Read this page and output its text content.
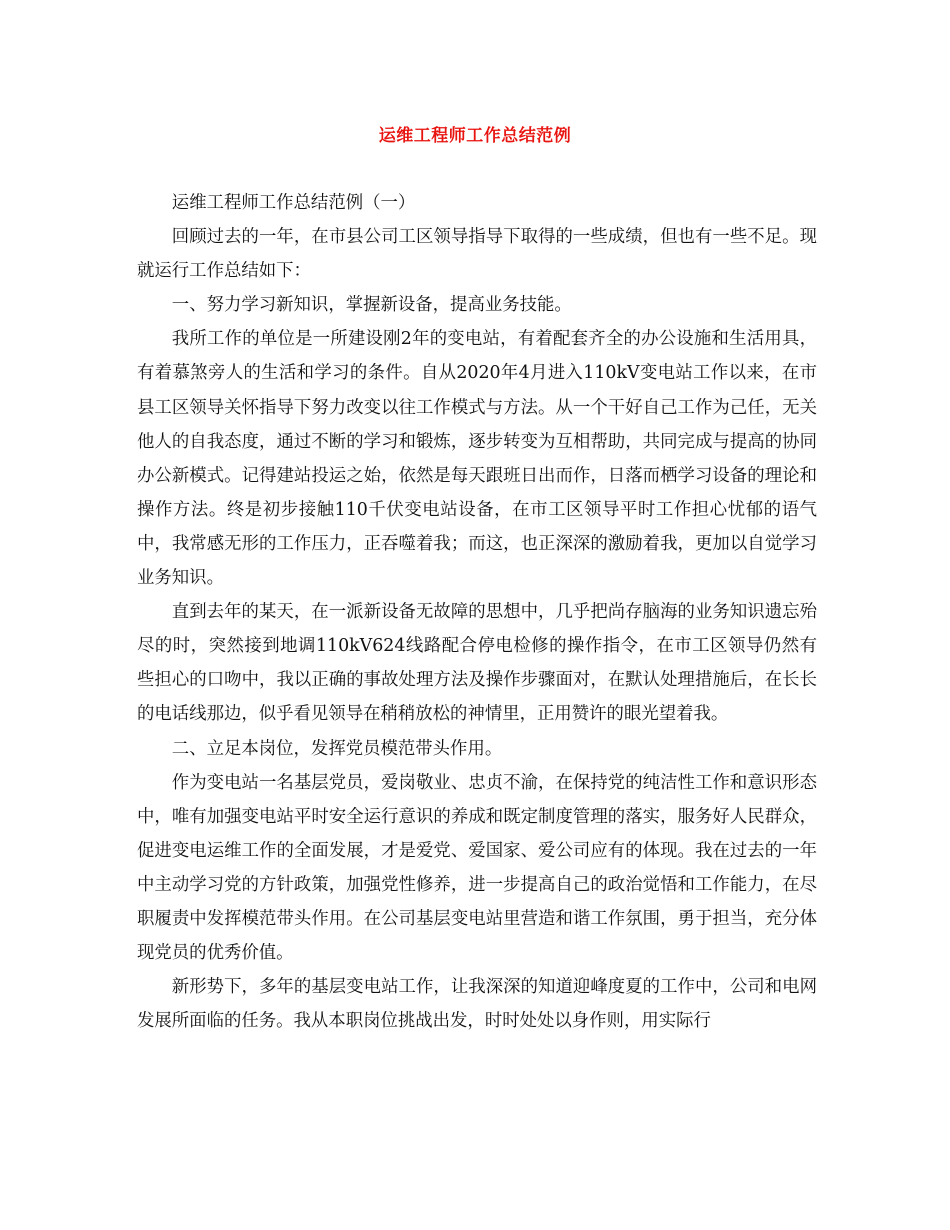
运维工程师工作总结范例

运维工程师工作总结范例（一）

回顾过去的一年，在市县公司工区领导指导下取得的一些成绩，但也有一些不足。现就运行工作总结如下：

一、努力学习新知识，掌握新设备，提高业务技能。

我所工作的单位是一所建设刚2年的变电站，有着配套齐全的办公设施和生活用具，有着慕煞旁人的生活和学习的条件。自从2020年4月进入110kV变电站工作以来，在市县工区领导关怀指导下努力改变以往工作模式与方法。从一个干好自己工作为己任，无关他人的自我态度，通过不断的学习和锻炼，逐步转变为互相帮助，共同完成与提高的协同办公新模式。记得建站投运之始，依然是每天跟班日出而作，日落而栖学习设备的理论和操作方法。终是初步接触110千伏变电站设备，在市工区领导平时工作担心忧郁的语气中，我常感无形的工作压力，正吞噬着我；而这，也正深深的激励着我，更加以自觉学习业务知识。

直到去年的某天，在一派新设备无故障的思想中，几乎把尚存脑海的业务知识遗忘殆尽的时，突然接到地调110kV624线路配合停电检修的操作指令，在市工区领导仍然有些担心的口吻中，我以正确的事故处理方法及操作步骤面对，在默认处理措施后，在长长的电话线那边，似乎看见领导在稍稍放松的神情里，正用赞许的眼光望着我。

二、立足本岗位，发挥党员模范带头作用。

作为变电站一名基层党员，爱岗敬业、忠贞不渝，在保持党的纯洁性工作和意识形态中，唯有加强变电站平时安全运行意识的养成和既定制度管理的落实，服务好人民群众，促进变电运维工作的全面发展，才是爱党、爱国家、爱公司应有的体现。我在过去的一年中主动学习党的方针政策，加强党性修养，进一步提高自己的政治觉悟和工作能力，在尽职履责中发挥模范带头作用。在公司基层变电站里营造和谐工作氛围，勇于担当，充分体现党员的优秀价值。

新形势下，多年的基层变电站工作，让我深深的知道迎峰度夏的工作中，公司和电网发展所面临的任务。我从本职岗位挑战出发，时时处处以身作则，用实际行
